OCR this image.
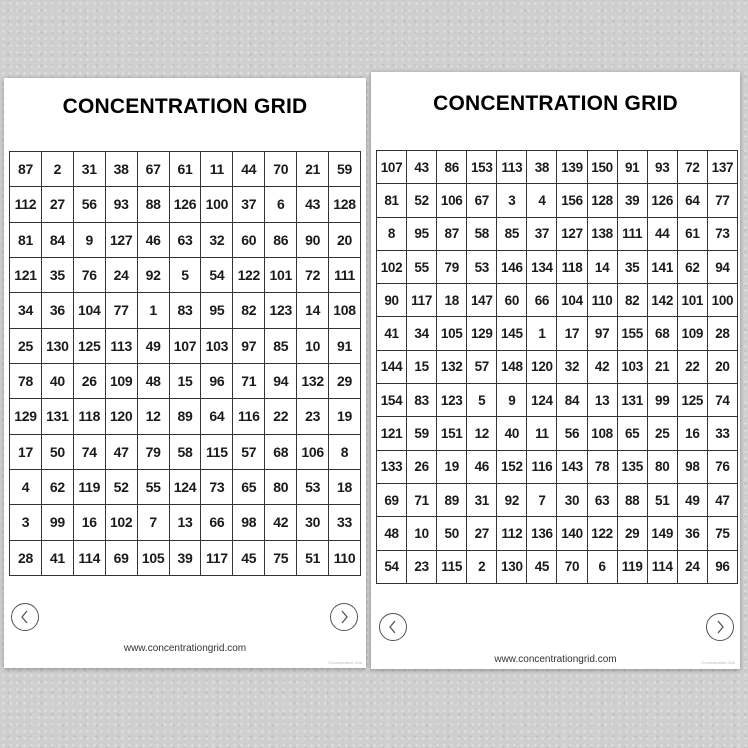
CONCENTRATION GRID
87	2	31	38	67	61	11	44	70	21	59
112	27	56	93	88	126	100	37	6	43	128
81	84	9	127	46	63	32	60	86	90	20
121	35	76	24	92	5	54	122	101	72	111
34	36	104	77	1	83	95	82	123	14	108
25	130	125	113	49	107	103	97	85	10	91
78	40	26	109	48	15	96	71	94	132	29
129	131	118	120	12	89	64	116	22	23	19
17	50	74	47	79	58	115	57	68	106	8
4	62	119	52	55	124	73	65	80	53	18
3	99	16	102	7	13	66	98	42	30	33
28	41	114	69	105	39	117	45	75	51	110
www.concentrationgrid.com
Concentration Grid
CONCENTRATION GRID
107	43	86	153	113	38	139	150	91	93	72	137
81	52	106	67	3	4	156	128	39	126	64	77
8	95	87	58	85	37	127	138	111	44	61	73
102	55	79	53	146	134	118	14	35	141	62	94
90	117	18	147	60	66	104	110	82	142	101	100
41	34	105	129	145	1	17	97	155	68	109	28
144	15	132	57	148	120	32	42	103	21	22	20
154	83	123	5	9	124	84	13	131	99	125	74
121	59	151	12	40	11	56	108	65	25	16	33
133	26	19	46	152	116	143	78	135	80	98	76
69	71	89	31	92	7	30	63	88	51	49	47
48	10	50	27	112	136	140	122	29	149	36	75
54	23	115	2	130	45	70	6	119	114	24	96
www.concentrationgrid.com	Concentration Grid
